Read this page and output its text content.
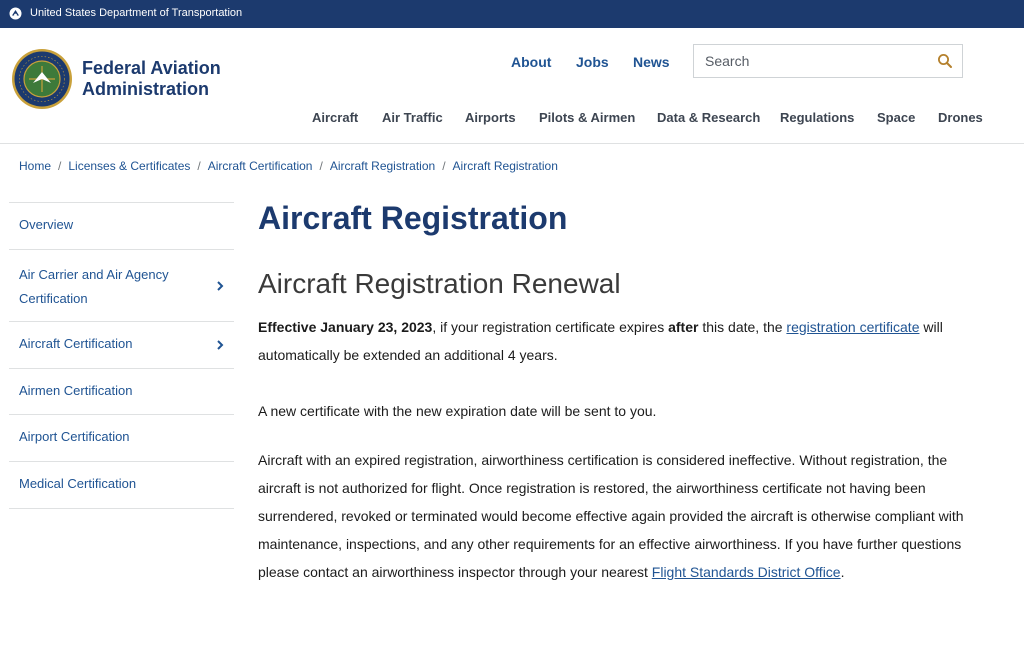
United States Department of Transportation
Federal Aviation
Administration
About Jobs News
Search
Aircraft Air Traffic Airports Pilots & Airmen Data & Research Regulations Space Drones
Home / Licenses & Certificates / Aircraft Certification / Aircraft Registration / Aircraft Registration
Overview
Air Carrier and Air Agency Certification
Aircraft Certification
Airmen Certification
Airport Certification
Medical Certification
Aircraft Registration
Aircraft Registration Renewal

Effective January 23, 2023, if your registration certificate expires after this date, the registration certificate will automatically be extended an additional 4 years.

A new certificate with the new expiration date will be sent to you.

Aircraft with an expired registration, airworthiness certification is considered ineffective. Without registration, the aircraft is not authorized for flight. Once registration is restored, the airworthiness certificate not having been surrendered, revoked or terminated would become effective again provided the aircraft is otherwise compliant with maintenance, inspections, and any other requirements for an effective airworthiness. If you have further questions please contact an airworthiness inspector through your nearest Flight Standards District Office.
